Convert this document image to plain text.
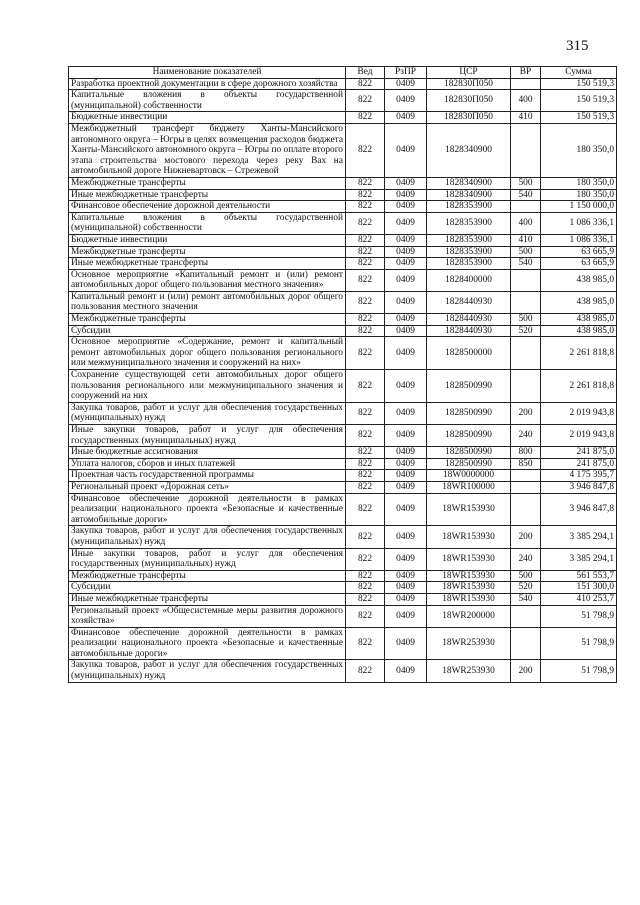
315
Наименование показателей	Вед	РзПР	ЦСР	ВР	Сумма
Разработка проектной документации в сфере дорожного хозяйства	822	0409	182830П050		150 519,3
Капитальные вложения в объекты государственной (муниципальной) собственности	822	0409	182830П050	400	150 519,3
Бюджетные инвестиции	822	0409	182830П050	410	150 519,3
Межбюджетный трансферт бюджету Ханты-Мансийского автономного округа – Югры в целях возмещения расходов бюджета Ханты-Мансийского автономного округа – Югры по оплате второго этапа строительства мостового перехода через реку Вах на автомобильной дороге Нижневартовск – Стрежевой	822	0409	1828340900		180 350,0
Межбюджетные трансферты	822	0409	1828340900	500	180 350,0
Иные межбюджетные трансферты	822	0409	1828340900	540	180 350,0
Финансовое обеспечение дорожной деятельности	822	0409	1828353900		1 150 000,0
Капитальные вложения в объекты государственной (муниципальной) собственности	822	0409	1828353900	400	1 086 336,1
Бюджетные инвестиции	822	0409	1828353900	410	1 086 336,1
Межбюджетные трансферты	822	0409	1828353900	500	63 665,9
Иные межбюджетные трансферты	822	0409	1828353900	540	63 665,9
Основное мероприятие «Капитальный ремонт и (или) ремонт автомобильных дорог общего пользования местного значения»	822	0409	1828400000		438 985,0
Капитальный ремонт и (или) ремонт автомобильных дорог общего пользования местного значения	822	0409	1828440930		438 985,0
Межбюджетные трансферты	822	0409	1828440930	500	438 985,0
Субсидии	822	0409	1828440930	520	438 985,0
Основное мероприятие «Содержание, ремонт и капитальный ремонт автомобильных дорог общего пользования регионального или межмуниципального значения и сооружений на них»	822	0409	1828500000		2 261 818,8
Сохранение существующей сети автомобильных дорог общего пользования регионального или межмуниципального значения и сооружений на них	822	0409	1828500990		2 261 818,8
Закупка товаров, работ и услуг для обеспечения государственных (муниципальных) нужд	822	0409	1828500990	200	2 019 943,8
Иные закупки товаров, работ и услуг для обеспечения государственных (муниципальных) нужд	822	0409	1828500990	240	2 019 943,8
Иные бюджетные ассигнования	822	0409	1828500990	800	241 875,0
Уплата налогов, сборов и иных платежей	822	0409	1828500990	850	241 875,0
Проектная часть государственной программы	822	0409	18W0000000		4 175 395,7
Региональный проект «Дорожная сеть»	822	0409	18WR100000		3 946 847,8
Финансовое обеспечение дорожной деятельности в рамках реализации национального проекта «Безопасные и качественные автомобильные дороги»	822	0409	18WR153930		3 946 847,8
Закупка товаров, работ и услуг для обеспечения государственных (муниципальных) нужд	822	0409	18WR153930	200	3 385 294,1
Иные закупки товаров, работ и услуг для обеспечения государственных (муниципальных) нужд	822	0409	18WR153930	240	3 385 294,1
Межбюджетные трансферты	822	0409	18WR153930	500	561 553,7
Субсидии	822	0409	18WR153930	520	151 300,0
Иные межбюджетные трансферты	822	0409	18WR153930	540	410 253,7
Региональный проект «Общесистемные меры развития дорожного хозяйства»	822	0409	18WR200000		51 798,9
Финансовое обеспечение дорожной деятельности в рамках реализации национального проекта «Безопасные и качественные автомобильные дороги»	822	0409	18WR253930		51 798,9
Закупка товаров, работ и услуг для обеспечения государственных (муниципальных) нужд	822	0409	18WR253930	200	51 798,9
